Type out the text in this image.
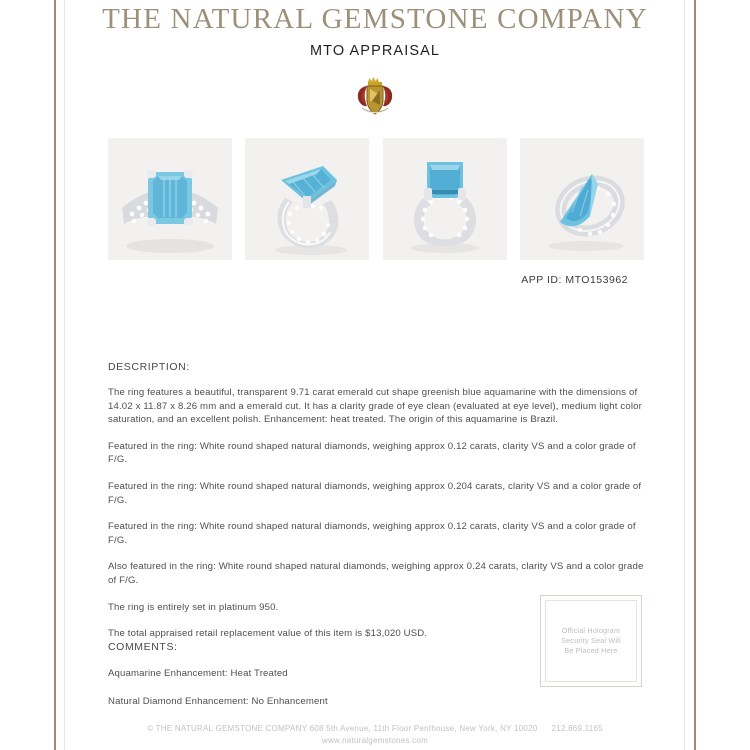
THE NATURAL GEMSTONE COMPANY
MTO APPRAISAL
APP ID: MTO153962
DESCRIPTION:

The ring features a beautiful, transparent 9.71 carat emerald cut shape greenish blue aquamarine with the dimensions of 14.02 x 11.87 x 8.26 mm and a emerald cut. It has a clarity grade of eye clean (evaluated at eye level), medium light color saturation, and an excellent polish. Enhancement: heat treated. The origin of this aquamarine is Brazil.

Featured in the ring: White round shaped natural diamonds, weighing approx 0.12 carats, clarity VS and a color grade of F/G.

Featured in the ring: White round shaped natural diamonds, weighing approx 0.204 carats, clarity VS and a color grade of F/G.

Featured in the ring: White round shaped natural diamonds, weighing approx 0.12 carats, clarity VS and a color grade of F/G.

Also featured in the ring: White round shaped natural diamonds, weighing approx 0.24 carats, clarity VS and a color grade of F/G.

The ring is entirely set in platinum 950.

The total appraised retail replacement value of this item is $13,020 USD.

COMMENTS:

Aquamarine Enhancement: Heat Treated

Natural Diamond Enhancement: No Enhancement

Official Hologram
Security Seal Will
Be Placed Here

© THE NATURAL GEMSTONE COMPANY 608 5th Avenue, 11th Floor Penthouse, New York, NY 10020 212.869.1165

www.naturalgemstones.com
